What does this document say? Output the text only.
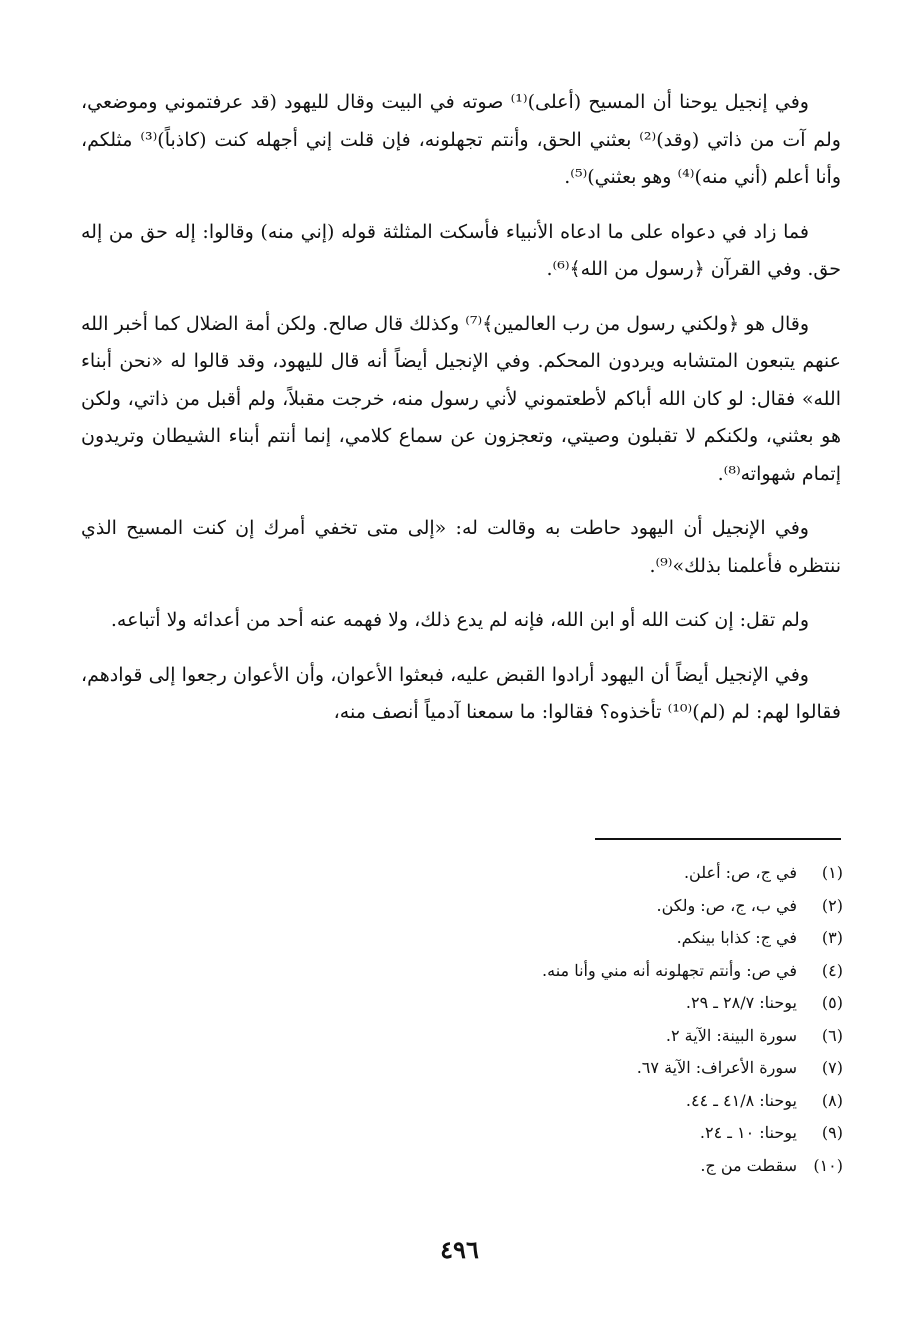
وفي إنجيل يوحنا أن المسيح (أعلى)⁽¹⁾ صوته في البيت وقال لليهود (قد عرفتموني وموضعي، ولم آت من ذاتي (وقد)⁽²⁾ بعثني الحق، وأنتم تجهلونه، فإن قلت إني أجهله كنت (كاذباً)⁽³⁾ مثلكم، وأنا أعلم (أني منه)⁽⁴⁾ وهو بعثني)⁽⁵⁾.

فما زاد في دعواه على ما ادعاه الأنبياء فأسكت المثلثة قوله (إني منه) وقالوا: إله حق من إله حق. وفي القرآن ﴿رسول من الله﴾⁽⁶⁾.

وقال هو ﴿ولكني رسول من رب العالمين﴾⁽⁷⁾ وكذلك قال صالح. ولكن أمة الضلال كما أخبر الله عنهم يتبعون المتشابه ويردون المحكم. وفي الإنجيل أيضاً أنه قال لليهود، وقد قالوا له «نحن أبناء الله» فقال: لو كان الله أباكم لأطعتموني لأني رسول منه، خرجت مقبلاً، ولم أقبل من ذاتي، ولكن هو بعثني، ولكنكم لا تقبلون وصيتي، وتعجزون عن سماع كلامي، إنما أنتم أبناء الشيطان وتريدون إتمام شهواته⁽⁸⁾.

وفي الإنجيل أن اليهود حاطت به وقالت له: «إلى متى تخفي أمرك إن كنت المسيح الذي ننتظره فأعلمنا بذلك»⁽⁹⁾.

ولم تقل: إن كنت الله أو ابن الله، فإنه لم يدع ذلك، ولا فهمه عنه أحد من أعدائه ولا أتباعه.

وفي الإنجيل أيضاً أن اليهود أرادوا القبض عليه، فبعثوا الأعوان، وأن الأعوان رجعوا إلى قوادهم، فقالوا لهم: لم (لم)⁽¹⁰⁾ تأخذوه؟ فقالوا: ما سمعنا آدمياً أنصف منه،

(١)في ج، ص: أعلن.
(٢)في ب، ج، ص: ولكن.
(٣)في ج: كذابا بينكم.
(٤)في ص: وأنتم تجهلونه أنه مني وأنا منه.
(٥)يوحنا: ٢٨/٧ ـ ٢٩.
(٦)سورة البينة: الآية ٢.
(٧)سورة الأعراف: الآية ٦٧.
(٨)يوحنا: ٤١/٨ ـ ٤٤.
(٩)يوحنا: ١٠ ـ ٢٤.
(١٠)سقطت من ج.
٤٩٦
